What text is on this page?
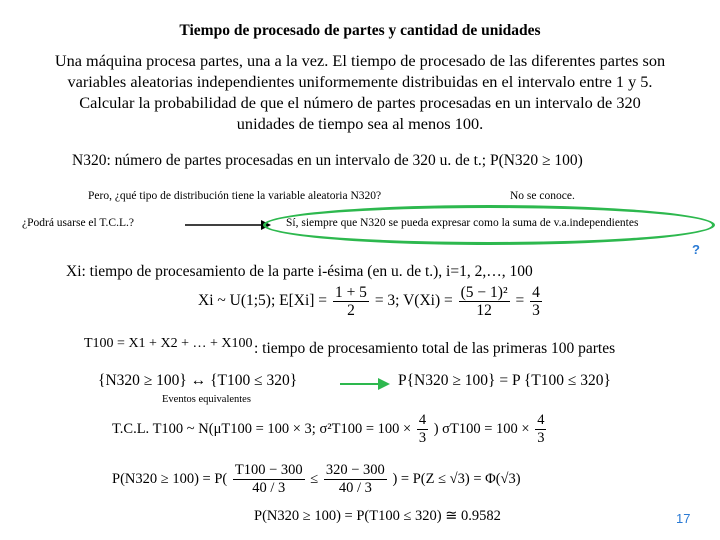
Tiempo de procesado de partes y cantidad de unidades
Una máquina procesa partes, una a la vez. El tiempo de procesado de las diferentes partes son
variables aleatorias independientes uniformemente distribuidas en el intervalo entre 1 y 5.
Calcular la probabilidad de que el número de partes procesadas en un intervalo de 320
unidades de tiempo sea al menos 100.
N320: número de partes procesadas en un intervalo de 320 u. de t.; P(N320 ≥ 100)
Pero, ¿qué tipo de distribución tiene la variable aleatoria N320?	No se conoce.
¿Podrá usarse el T.C.L.?	Sí, siempre que N320 se pueda expresar como la suma de v.a.independientes
?
Xi: tiempo de procesamiento de la parte i-ésima (en u. de t.), i=1, 2,…, 100
Xi ~ U(1;5); $E[Xi] = \frac{1 + 5}{2} = 3$; $V(Xi) = \frac{\text{(5 − 1)²}}{12} = \frac{4}{3}$
T100 = X1 + X2 + … + X100 : tiempo de procesamiento total de las primeras 100 partes
{N320 ≥ 100} ↔ {T100 ≤ 320}	P{N320 ≥ 100} = P {T100 ≤ 320}
Eventos equivalentes
T.C.L. T100 ~ N(μT100 = 100 × 3; $\sigma^2T100 = 100 \times \frac{4}{3}$ ) $\sigma T100 = 100 \times \frac{4}{3}$
$P(N320 \ge 100) = P( \frac{T100 - 300}{40 / 3} \le \frac{320 - 300}{40 / 3}$ ) = P(Z ≤ √3) = Φ(√3)
P(N320 ≥ 100) = P(T100 ≤ 320) ≅ 0.9582	17
